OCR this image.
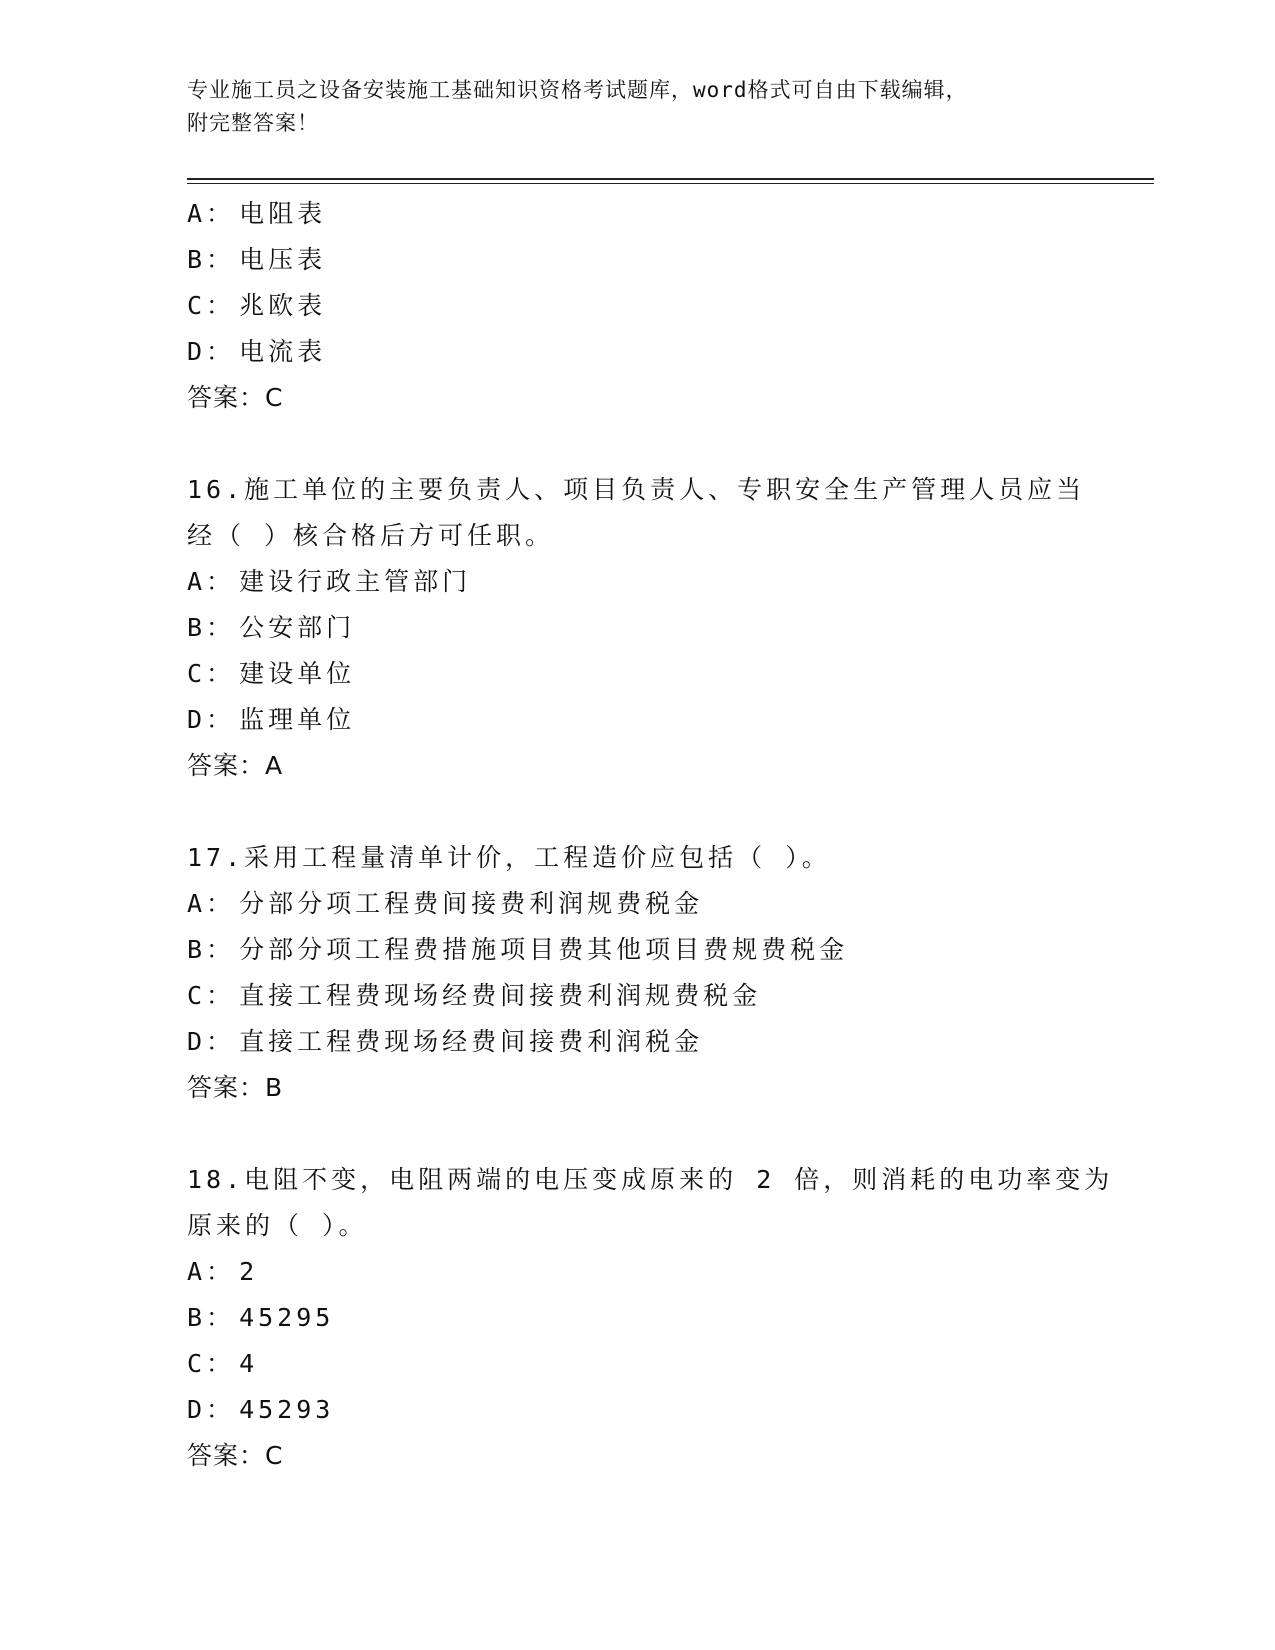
专业施工员之设备安装施工基础知识资格考试题库，word格式可自由下载编辑，
附完整答案！
A： 电阻表
B： 电压表
C： 兆欧表
D： 电流表
答案：C
16.施工单位的主要负责人、项目负责人、专职安全生产管理人员应当
经（ ）核合格后方可任职。
A： 建设行政主管部门
B： 公安部门
C： 建设单位
D： 监理单位
答案：A
17.采用工程量清单计价，工程造价应包括（ ）。
A： 分部分项工程费间接费利润规费税金
B： 分部分项工程费措施项目费其他项目费规费税金
C： 直接工程费现场经费间接费利润规费税金
D： 直接工程费现场经费间接费利润税金
答案：B
18.电阻不变，电阻两端的电压变成原来的 2 倍，则消耗的电功率变为
原来的（ ）。
A： 2
B： 45295
C： 4
D： 45293
答案：C
